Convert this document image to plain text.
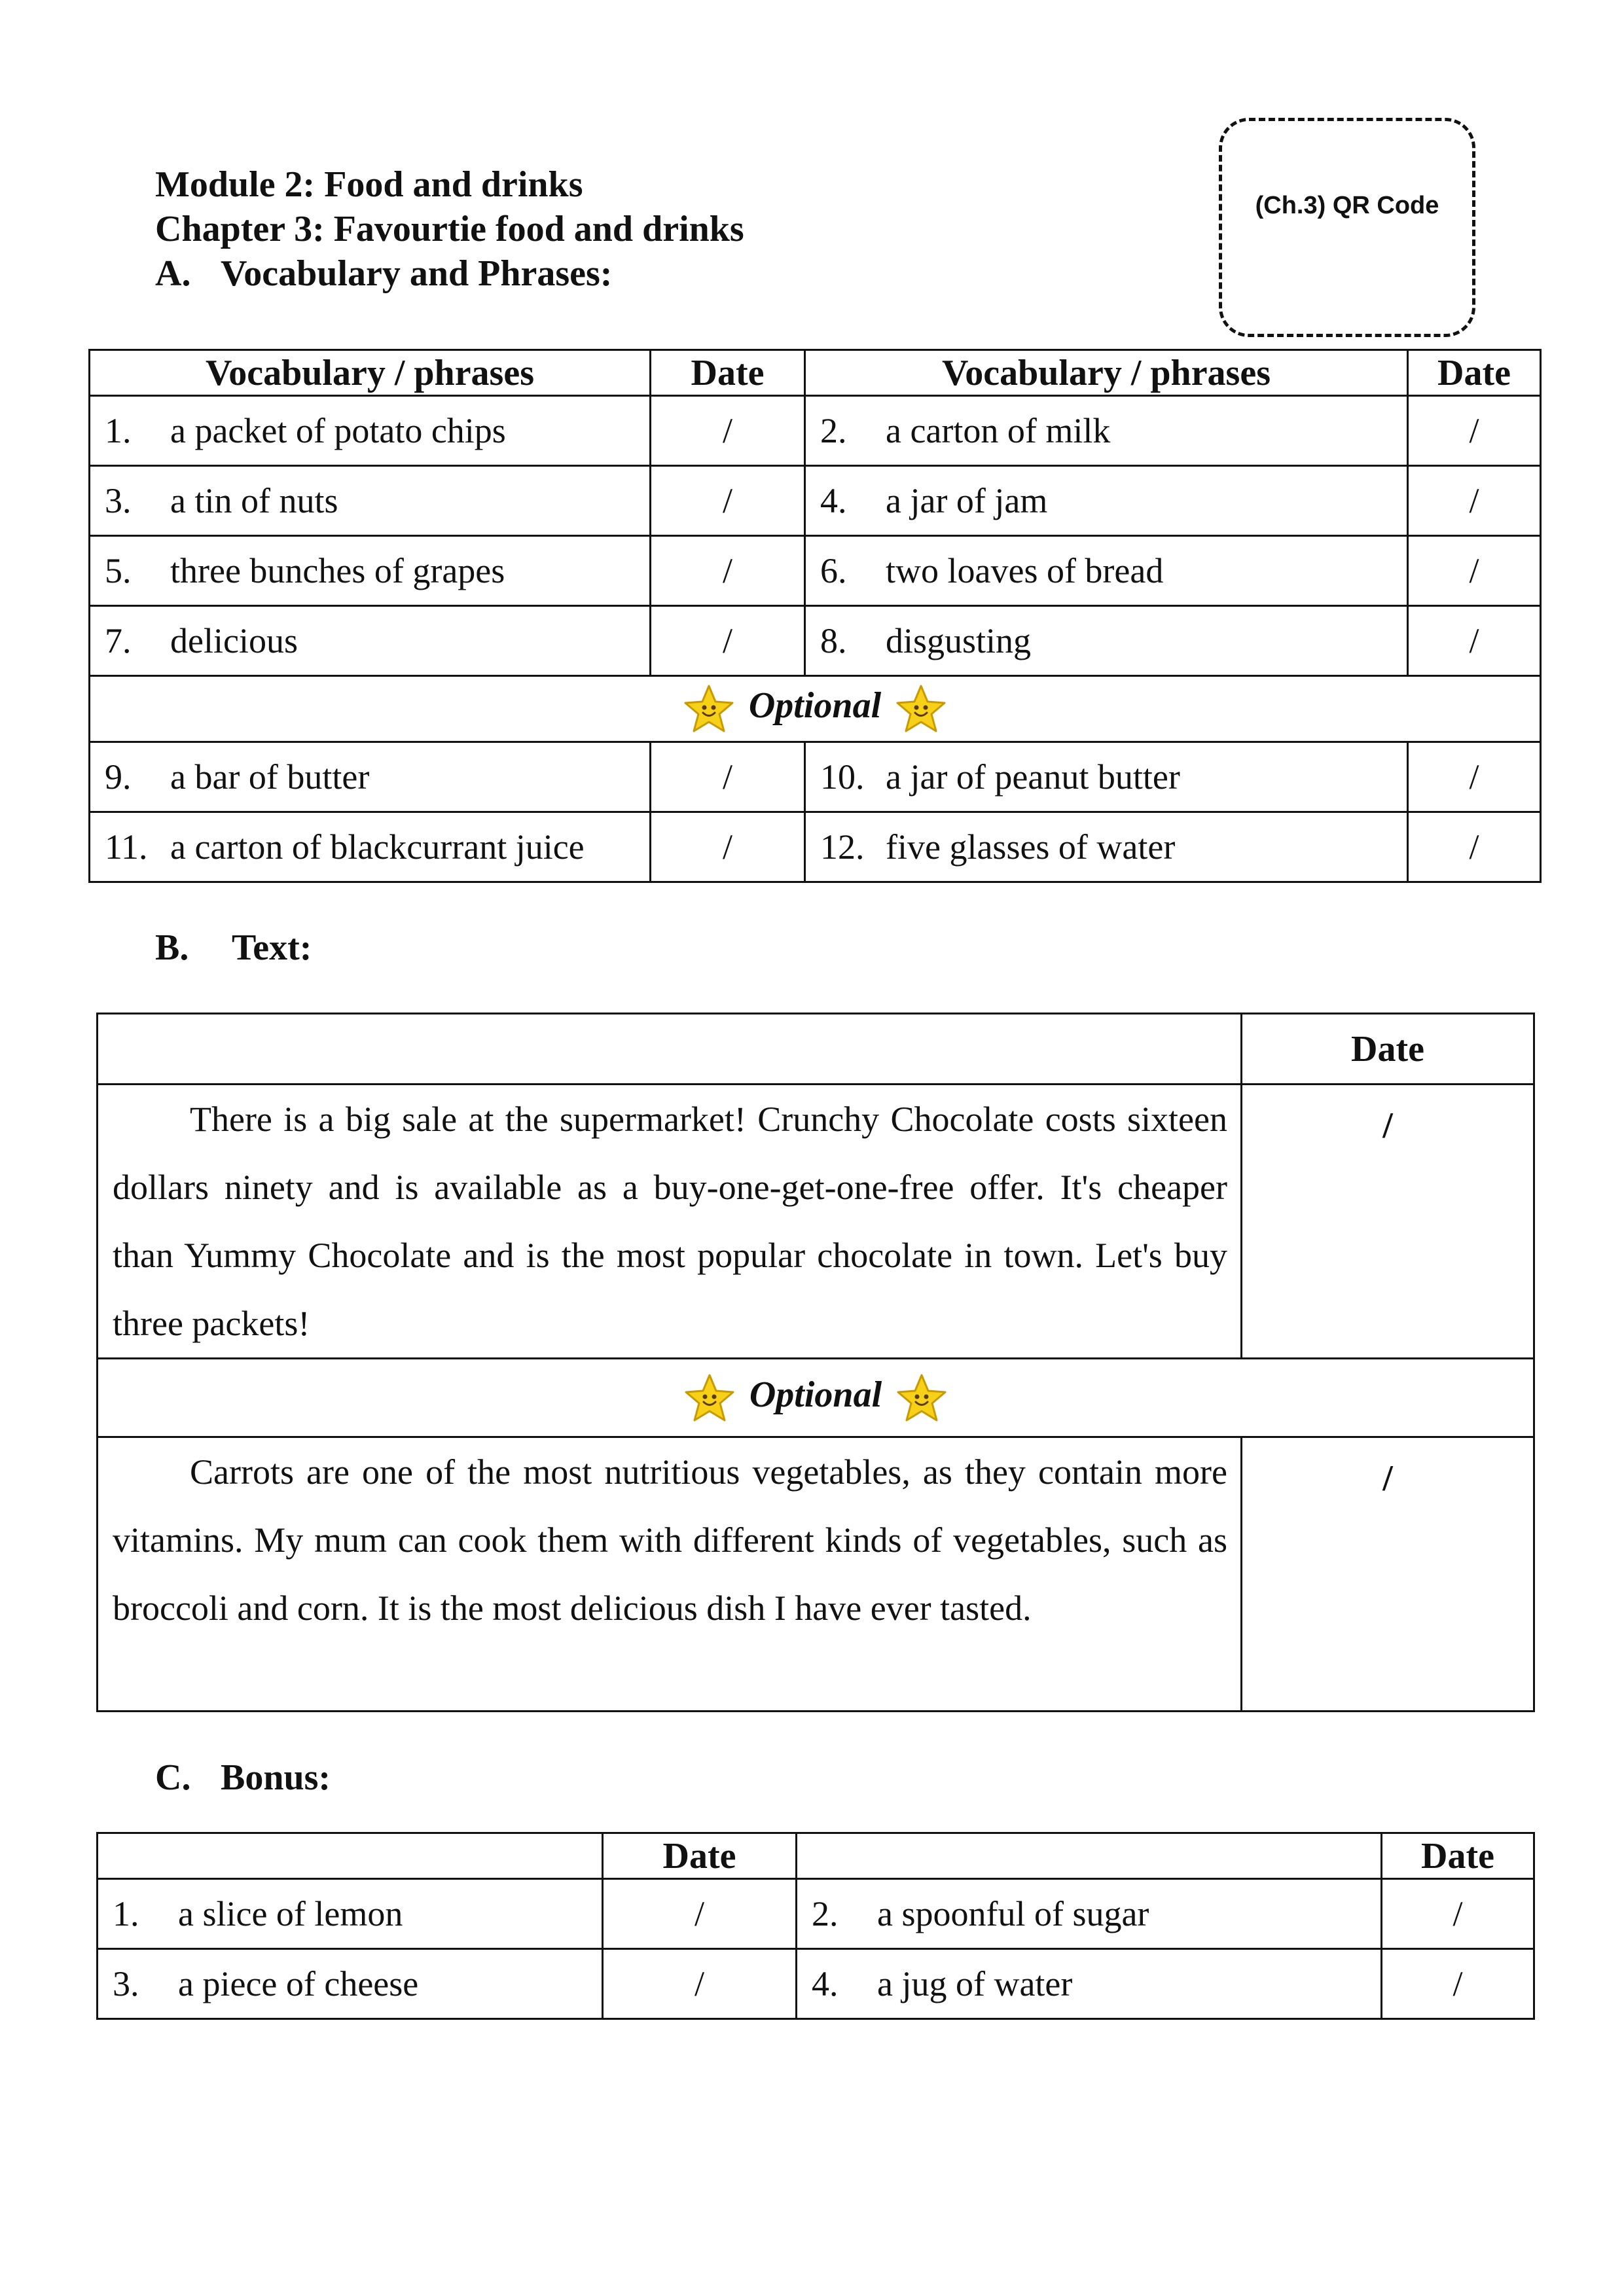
Module 2: Food and drinks
Chapter 3: Favourtie food and drinks
A. Vocabulary and Phrases:
(Ch.3) QR Code
Vocabulary / phrases	Date	Vocabulary / phrases	Date
1. a packet of potato chips	/	2. a carton of milk	/
3. a tin of nuts	/	4. a jar of jam	/
5. three bunches of grapes	/	6. two loaves of bread	/
7. delicious	/	8. disgusting	/
Optional			
9. a bar of butter	/	10. a jar of peanut butter	/
11. a carton of blackcurrant juice	/	12. five glasses of water	/
B.	Text:
	Date
There is a big sale at the supermarket! Crunchy Chocolate costs sixteen dollars ninety and is available as a buy-one-get-one-free offer. It's cheaper than Yummy Chocolate and is the most popular chocolate in town. Let's buy three packets!	/
Optional	
Carrots are one of the most nutritious vegetables, as they contain more vitamins. My mum can cook them with different kinds of vegetables, such as broccoli and corn. It is the most delicious dish I have ever tasted.	/
C. Bonus:
	Date		Date
1. a slice of lemon	/	2. a spoonful of sugar	/
3. a piece of cheese	/	4. a jug of water	/
